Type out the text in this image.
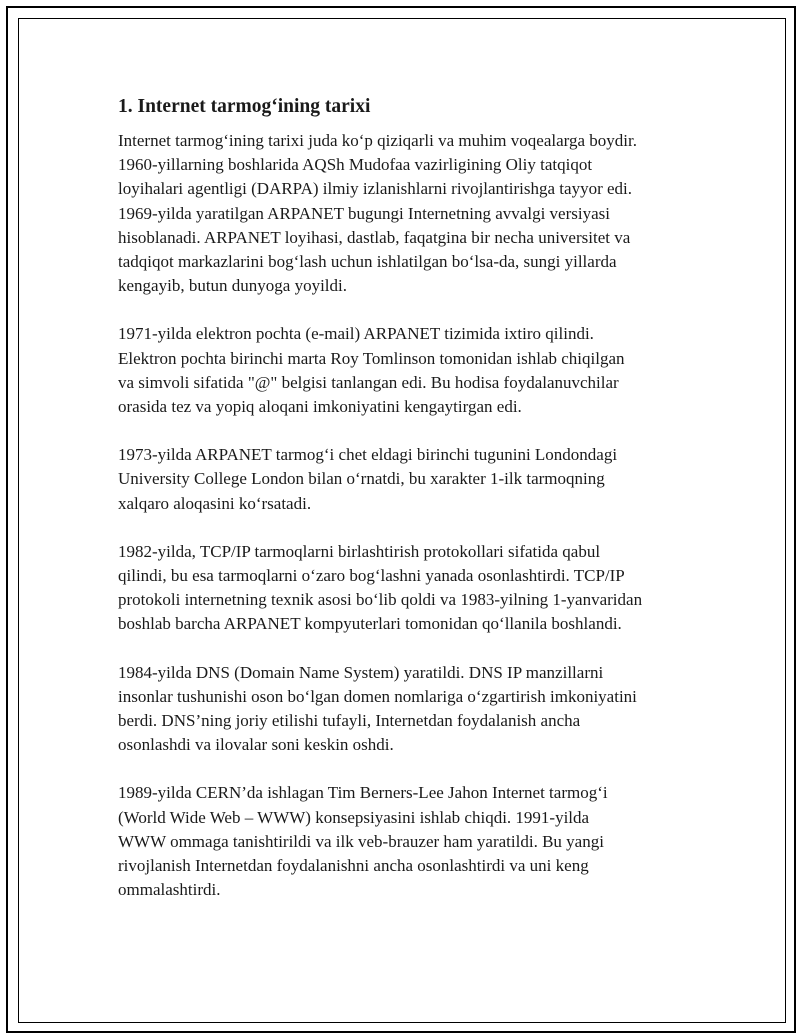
1. Internet tarmog‘ining tarixi
Internet tarmog‘ining tarixi juda ko‘p qiziqarli va muhim voqealarga boydir.
1960-yillarning boshlarida AQSh Mudofaa vazirligining Oliy tatqiqot
loyihalari agentligi (DARPA) ilmiy izlanishlarni rivojlantirishga tayyor edi.
1969-yilda yaratilgan ARPANET bugungi Internetning avvalgi versiyasi
hisoblanadi. ARPANET loyihasi, dastlab, faqatgina bir necha universitet va
tadqiqot markazlarini bog‘lash uchun ishlatilgan bo‘lsa-da, sungi yillarda
kengayib, butun dunyoga yoyildi.
1971-yilda elektron pochta (e-mail) ARPANET tizimida ixtiro qilindi.
Elektron pochta birinchi marta Roy Tomlinson tomonidan ishlab chiqilgan
va simvoli sifatida "@" belgisi tanlangan edi. Bu hodisa foydalanuvchilar
orasida tez va yopiq aloqani imkoniyatini kengaytirgan edi.
1973-yilda ARPANET tarmog‘i chet eldagi birinchi tugunini Londondagi
University College London bilan o‘rnatdi, bu xarakter 1-ilk tarmoqning
xalqaro aloqasini ko‘rsatadi.
1982-yilda, TCP/IP tarmoqlarni birlashtirish protokollari sifatida qabul
qilindi, bu esa tarmoqlarni o‘zaro bog‘lashni yanada osonlashtirdi. TCP/IP
protokoli internetning texnik asosi bo‘lib qoldi va 1983-yilning 1-yanvaridan
boshlab barcha ARPANET kompyuterlari tomonidan qo‘llanila boshlandi.
1984-yilda DNS (Domain Name System) yaratildi. DNS IP manzillarni
insonlar tushunishi oson bo‘lgan domen nomlariga o‘zgartirish imkoniyatini
berdi. DNS’ning joriy etilishi tufayli, Internetdan foydalanish ancha
osonlashdi va ilovalar soni keskin oshdi.
1989-yilda CERN’da ishlagan Tim Berners-Lee Jahon Internet tarmog‘i
(World Wide Web – WWW) konsepsiyasini ishlab chiqdi. 1991-yilda
WWW ommaga tanishtirildi va ilk veb-brauzer ham yaratildi. Bu yangi
rivojlanish Internetdan foydalanishni ancha osonlashtirdi va uni keng
ommalashtirdi.
